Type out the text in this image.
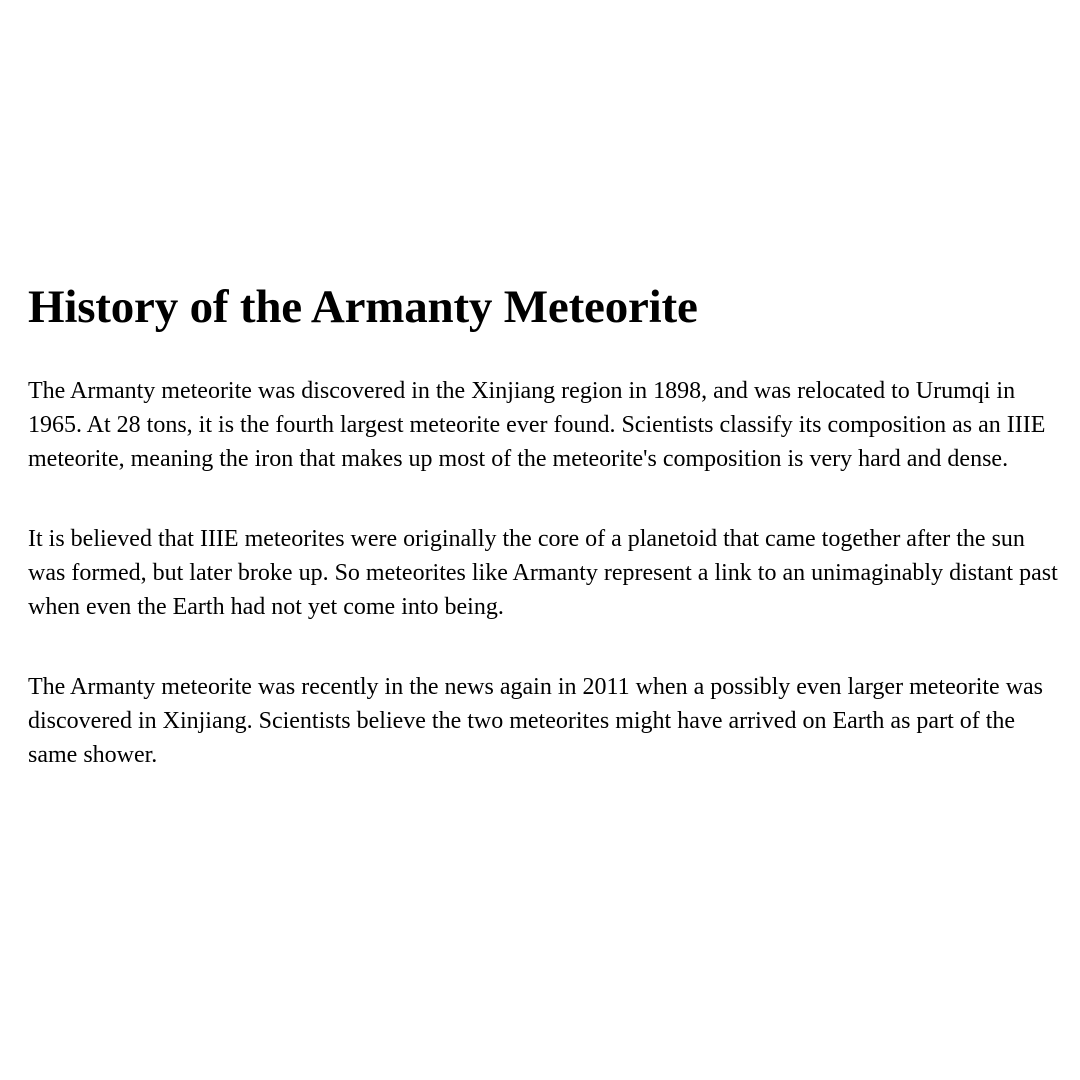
History of the Armanty Meteorite

The Armanty meteorite was discovered in the Xinjiang region in 1898, and was relocated to Urumqi in 1965. At 28 tons, it is the fourth largest meteorite ever found. Scientists classify its composition as an IIIE meteorite, meaning the iron that makes up most of the meteorite's composition is very hard and dense.

It is believed that IIIE meteorites were originally the core of a planetoid that came together after the sun was formed, but later broke up. So meteorites like Armanty represent a link to an unimaginably distant past when even the Earth had not yet come into being.

The Armanty meteorite was recently in the news again in 2011 when a possibly even larger meteorite was discovered in Xinjiang. Scientists believe the two meteorites might have arrived on Earth as part of the same shower.
